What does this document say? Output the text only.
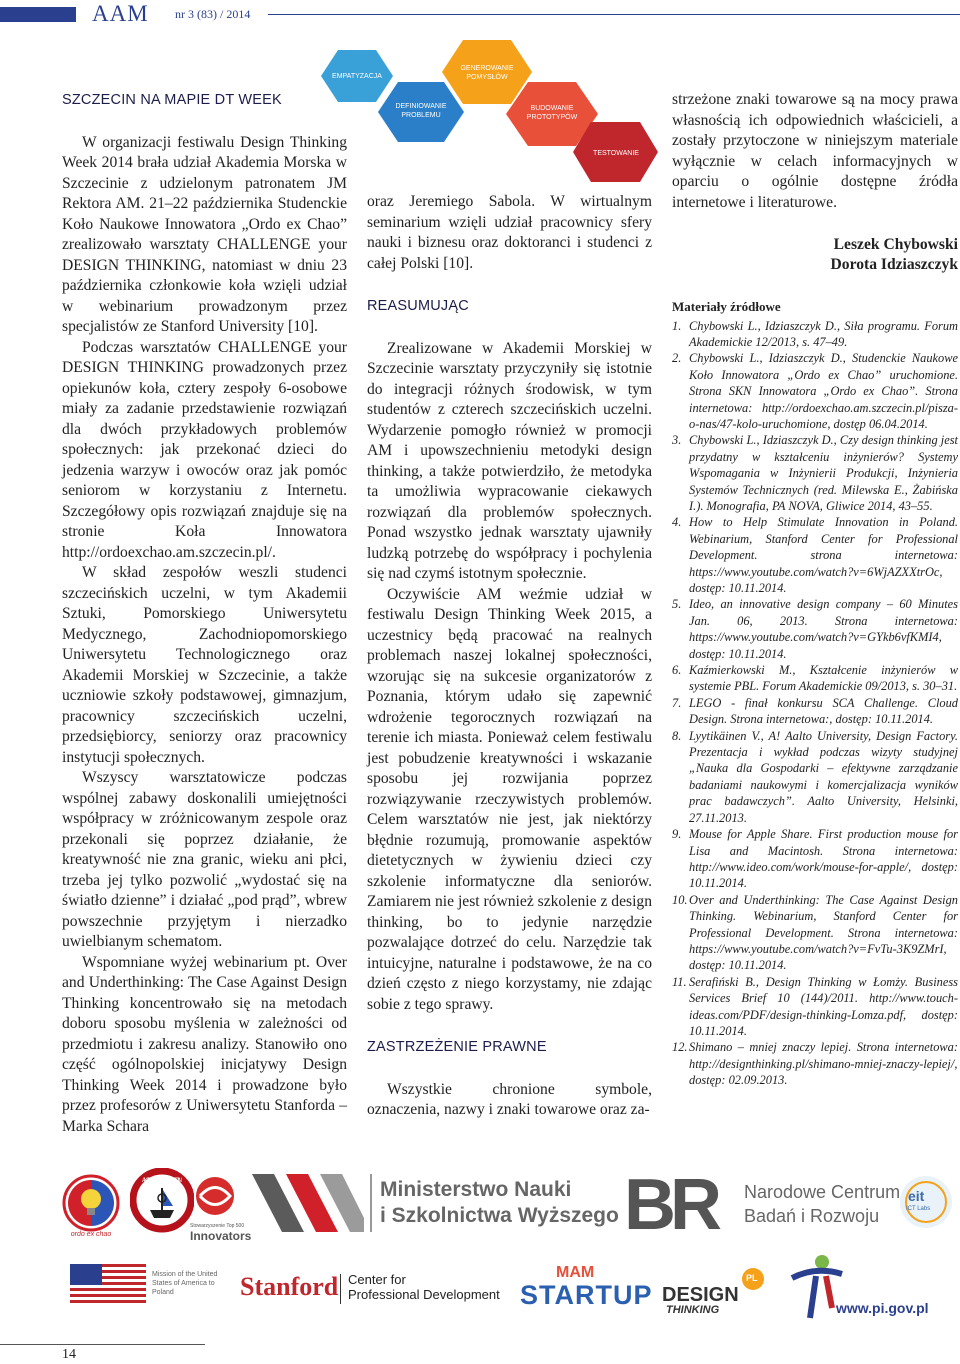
AAM nr 3 (83) / 2014
EMPATYZACJA
DEFINIOWANIE PROBLEMU
GENEROWANIE POMYSŁÓW
BUDOWANIE PROTOTYPÓW
TESTOWANIE

SZCZECIN NA MAPIE DT WEEK

W organizacji festiwalu Design Thinking Week 2014 brała udział Akademia Morska w Szczecinie z udzielonym patronatem JM Rektora AM. 21–22 października Studenckie Koło Naukowe Innowatora „Ordo ex Chao” zrealizowało warsztaty CHALLENGE your DESIGN THINKING, natomiast w dniu 23 października członkowie koła wzięli udział w webinarium prowadzonym przez specjalistów ze Stanford University [10].

Podczas warsztatów CHALLENGE your DESIGN THINKING prowadzonych przez opiekunów koła, cztery zespoły 6-osobowe miały za zadanie przedstawienie rozwiązań dla dwóch przykładowych problemów społecznych: jak przekonać dzieci do jedzenia warzyw i owoców oraz jak pomóc seniorom w korzystaniu z Internetu. Szczegółowy opis rozwiązań znajduje się na stronie Koła Innowatora http://ordoexchao.am.szczecin.pl/.

W skład zespołów weszli studenci szczecińskich uczelni, w tym Akademii Sztuki, Pomorskiego Uniwersytetu Medycznego, Zachodniopomorskiego Uniwersytetu Technologicznego oraz Akademii Morskiej w Szczecinie, a także uczniowie szkoły podstawowej, gimnazjum, pracownicy szczecińskich uczelni, przedsiębiorcy, seniorzy oraz pracownicy instytucji społecznych.

Wszyscy warsztatowicze podczas wspólnej zabawy doskonalili umiejętności współpracy w zróżnicowanym zespole oraz przekonali się poprzez działanie, że kreatywność nie zna granic, wieku ani płci, trzeba jej tylko pozwolić „wydostać się na światło dzienne” i działać „pod prąd”, wbrew powszechnie przyjętym i nierzadko uwielbianym schematom.

Wspomniane wyżej webinarium pt. Over and Underthinking: The Case Against Design Thinking koncentrowało się na metodach doboru sposobu myślenia w zależności od przedmiotu i zakresu analizy. Stanowiło ono część ogólnopolskiej inicjatywy Design Thinking Week 2014 i prowadzone było przez profesorów z Uniwersytetu Stanforda – Marka Schara

oraz Jeremiego Sabola. W wirtualnym seminarium wzięli udział pracownicy sfery nauki i biznesu oraz doktoranci i studenci z całej Polski [10].

REASUMUJĄC

Zrealizowane w Akademii Morskiej w Szczecinie warsztaty przyczyniły się istotnie do integracji różnych środowisk, w tym studentów z czterech szczecińskich uczelni. Wydarzenie pomogło również w promocji AM i upowszechnieniu metodyki design thinking, a także potwierdziło, że metodyka ta umożliwia wypracowanie ciekawych rozwiązań dla problemów społecznych. Ponad wszystko jednak warsztaty ujawniły ludzką potrzebę do współpracy i pochylenia się nad czymś istotnym społecznie.

Oczywiście AM weźmie udział w festiwalu Design Thinking Week 2015, a uczestnicy będą pracować na realnych problemach naszej lokalnej społeczności, wzorując się na sukcesie organizatorów z Poznania, którym udało się zapewnić wdrożenie tegorocznych rozwiązań na terenie ich miasta. Ponieważ celem festiwalu jest pobudzenie kreatywności i wskazanie sposobu jej rozwijania poprzez rozwiązywanie rzeczywistych problemów. Celem warsztatów nie jest, jak niektórzy błędnie rozumują, promowanie aspektów dietetycznych w żywieniu dzieci czy szkolenie informatyczne dla seniorów. Zamiarem nie jest również szkolenie z design thinking, bo to jedynie narzędzie pozwalające dotrzeć do celu. Narzędzie tak intuicyjne, naturalne i podstawowe, że na co dzień często z niego korzystamy, nie zdając sobie z tego sprawy.

ZASTRZEŻENIE PRAWNE

Wszystkie chronione symbole, oznaczenia, nazwy i znaki towarowe oraz za-

strzeżone znaki towarowe są na mocy prawa własnością ich odpowiednich właścicieli, a zostały przytoczone w niniejszym materiale wyłącznie w celach informacyjnych w oparciu o ogólnie dostępne źródła internetowe i literaturowe.

Leszek Chybowski

Dorota Idziaszczyk

Materiały źródłowe

1. Chybowski L., Idziaszczyk D., Siła programu. Forum Akademickie 12/2013, s. 47–49.
2. Chybowski L., Idziaszczyk D., Studenckie Naukowe Koło Innowatora „Ordo ex Chao” uruchomione. Strona SKN Innowatora „Ordo ex Chao”. Strona internetowa: http://ordoexchao.am.szczecin.pl/pisza-o-nas/47-kolo-uruchomione, dostęp 06.04.2014.
3. Chybowski L., Idziaszczyk D., Czy design thinking jest przydatny w kształceniu inżynierów? Systemy Wspomagania w Inżynierii Produkcji, Inżynieria Systemów Technicznych (red. Milewska E., Żabińska I.). Monografia, PA NOVA, Gliwice 2014, 43–55.
4. How to Help Stimulate Innovation in Poland. Webinarium, Stanford Center for Professional Development. strona internetowa: https://www.youtube.com/watch?v=6WjAZXXtrOc, dostęp: 10.11.2014.
5. Ideo, an innovative design company – 60 Minutes Jan. 06, 2013. Strona internetowa: https://www.youtube.com/watch?v=GYkb6vfKMI4, dostęp: 10.11.2014.
6. Kaźmierkowski M., Kształcenie inżynierów w systemie PBL. Forum Akademickie 09/2013, s. 30–31.
7. LEGO - finał konkursu SCA Challenge. Cloud Design. Strona internetowa:, dostęp: 10.11.2014.
8. Lyytikäinen V., A! Aalto University, Design Factory. Prezentacja i wykład podczas wizyty studyjnej „Nauka dla Gospodarki – efektywne zarządzanie badaniami naukowymi i komercjalizacja wyników prac badawczych”. Aalto University, Helsinki, 27.11.2013.
9. Mouse for Apple Share. First production mouse for Lisa and Macintosh. Strona internetowa: http://www.ideo.com/work/mouse-for-apple/, dostęp: 10.11.2014.
10. Over and Underthinking: The Case Against Design Thinking. Webinarium, Stanford Center for Professional Development. Strona internetowa: https://www.youtube.com/watch?v=FvTu-3K9ZMrI, dostęp: 10.11.2014.
11. Serafiński B., Design Thinking w Łomży. Business Services Brief 10 (144)/2011. http://www.touch-ideas.com/PDF/design-thinking-Lomza.pdf, dostęp: 10.11.2014.
12. Shimano – mniej znaczy lepiej. Strona internetowa: http://designthinking.pl/shimano-mniej-znaczy-lepiej/, dostęp: 02.09.2013.
ordo ex chao
AKADEMIA MORSKA SZCZECIN
Stowarzyszenie Top 500
Innovators
Ministerstwo Nauki
i Szkolnictwa Wyższego BR Narodowe Centrum
Badań i Rozwoju
eit
ICT Labs
Mission of the United States of America to Poland	Stanford Center for
Professional Development
MAM
STARTUP DESIGN
THINKING
PL
www.pi.gov.pl
14
